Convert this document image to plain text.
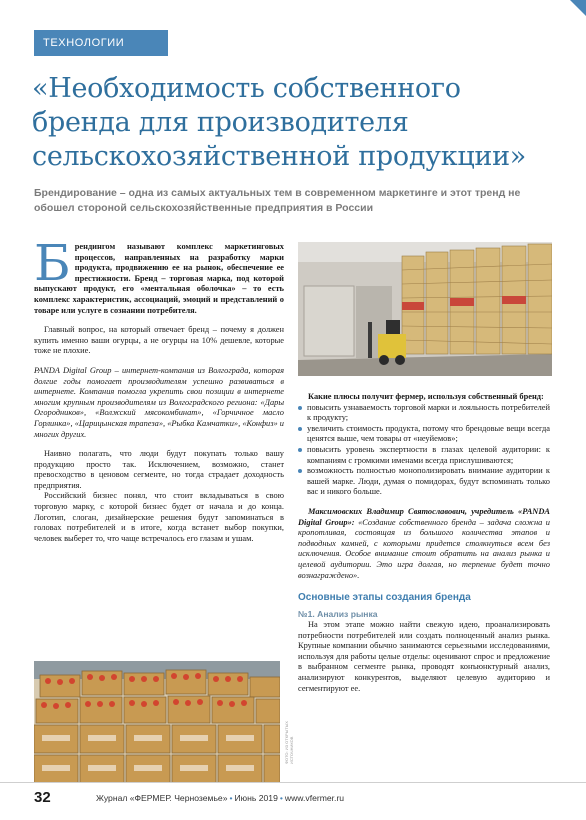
ТЕХНОЛОГИИ
«Необходимость собственного бренда для производителя сельскохозяйственной продукции»

Брендирование – одна из самых актуальных тем в современном маркетинге и этот тренд не обошел стороной сельскохозяйственные предприятия в России

Б рендингом называют комплекс маркетинговых процессов, направленных на разработку марки продукта, продвижению ее на рынок, обеспечение ее престижности. Бренд – торговая марка, под которой выпускают продукт, его «ментальная оболочка» – то есть комплекс характеристик, ассоциаций, эмоций и представлений о товаре или услуге в сознании потребителя.

Главный вопрос, на который отвечает бренд – почему я должен купить именно ваши огурцы, а не огурцы на 10% дешевле, которые тоже не плохие.

PANDA Digital Group – интернет-компания из Волгограда, которая долгие годы помогает производителям успешно развиваться в интернете. Компания помогла укрепить свои позиции в интернете многим крупным производителям из Волгоградского региона: «Дары Огородников», «Волжский мясокомбинат», «Горчичное масло Горлинка», «Царицынская трапеза», «Рыбка Камчатки», «Конфиз» и многих других.

Наивно полагать, что люди будут покупать только вашу продукцию просто так. Исключением, возможно, станет превосходство в ценовом сегменте, но тогда страдает доходность предприятия.

Российский бизнес понял, что стоит вкладываться в свою торговую марку, с которой бизнес будет от начала и до конца. Логотип, слоган, дизайнерские решения будут запоминаться в головах потребителей и в итоге, когда встанет выбор покупки, человек выберет то, что чаще встречалось его глазам и ушам.

ФОТО: ИЗ ОТКРЫТЫХ ИСТОЧНИКОВ

Какие плюсы получит фермер, используя собственный бренд:

повысить узнаваемость торговой марки и лояльность потребителей к продукту;
увеличить стоимость продукта, потому что брендовые вещи всегда ценятся выше, чем товары от «неуйемов»;
повысить уровень экспертности в глазах целевой аудитории: к компаниям с громкими именами всегда прислушиваются;
возможность полностью монополизировать внимание аудитории к вашей марке. Люди, думая о помидорах, будут вспоминать только вас и никого больше.

Максимовских Владимир Святославович, учредитель «PANDA Digital Group»: «Создание собственного бренда – задача сложна и кропотливая, состоящая из большого количества этапов и подводных камней, с которыми придется столкнуться всем без исключения. Особое внимание стоит обратить на анализ рынка и целевой аудитории. Это игра долгая, но терпение будет точно вознаграждено».

Основные этапы создания бренда
№1. Анализ рынка

На этом этапе можно найти свежую идею, проанализировать потребности потребителей или создать полноценный анализ рынка. Крупные компании обычно занимаются серьезными исследованиями, используя для работы целые отделы: оценивают спрос и предложение в выбранном сегменте рынка, проводят конъюнктурный анализ, анализируют конкурентов, выделяют целевую аудиторию и сегментируют ее.

32	Журнал «ФЕРМЕР. Черноземье» • Июнь 2019 • www.vfermer.ru
